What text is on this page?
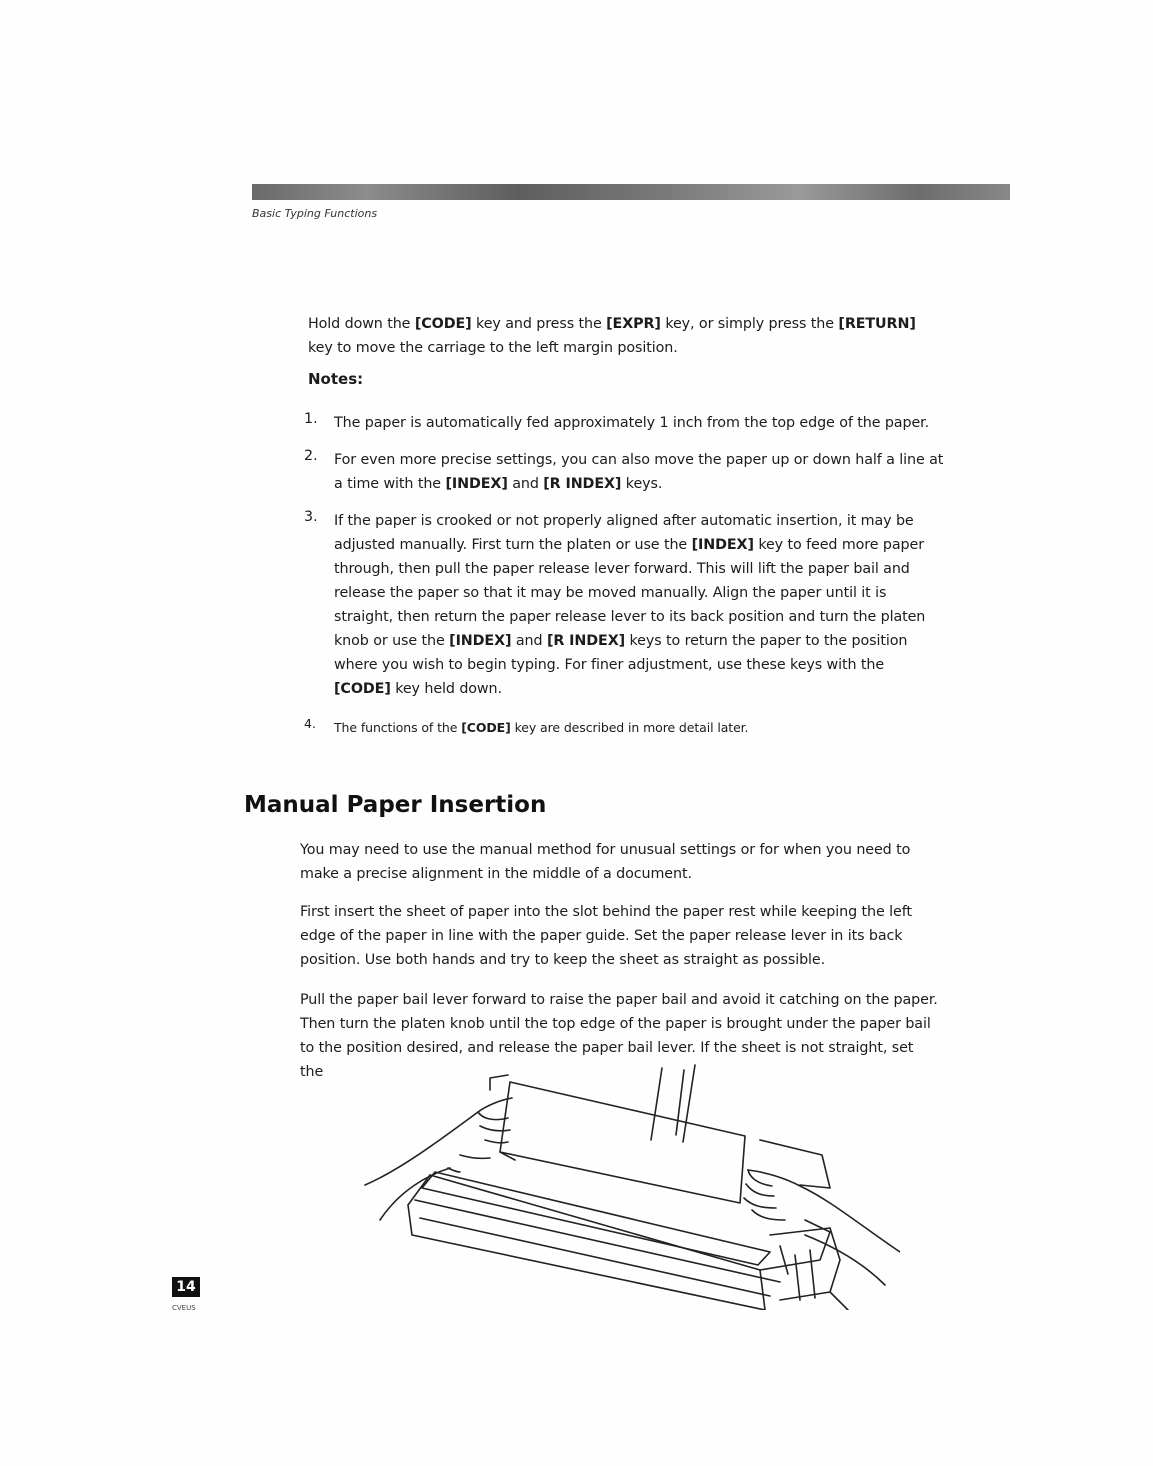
Basic Typing Functions
Hold down the [CODE] key and press the [EXPR] key, or simply press the [RETURN] key to move the carriage to the left margin position.
Notes:
1. The paper is automatically fed approximately 1 inch from the top edge of the paper.
2. For even more precise settings, you can also move the paper up or down half a line at a time with the [INDEX] and [R INDEX] keys.
3. If the paper is crooked or not properly aligned after automatic insertion, it may be adjusted manually. First turn the platen or use the [INDEX] key to feed more paper through, then pull the paper release lever forward. This will lift the paper bail and release the paper so that it may be moved manually. Align the paper until it is straight, then return the paper release lever to its back position and turn the platen knob or use the [INDEX] and [R INDEX] keys to return the paper to the position where you wish to begin typing. For finer adjustment, use these keys with the [CODE] key held down.
4. The functions of the [CODE] key are described in more detail later.
Manual Paper Insertion
You may need to use the manual method for unusual settings or for when you need to make a precise alignment in the middle of a document.
First insert the sheet of paper into the slot behind the paper rest while keeping the left edge of the paper in line with the paper guide. Set the paper release lever in its back position. Use both hands and try to keep the sheet as straight as possible.
Pull the paper bail lever forward to raise the paper bail and avoid it catching on the paper. Then turn the platen knob until the top edge of the paper is brought under the paper bail to the position desired, and release the paper bail lever. If the sheet is not straight, set the
14
CVEUS
